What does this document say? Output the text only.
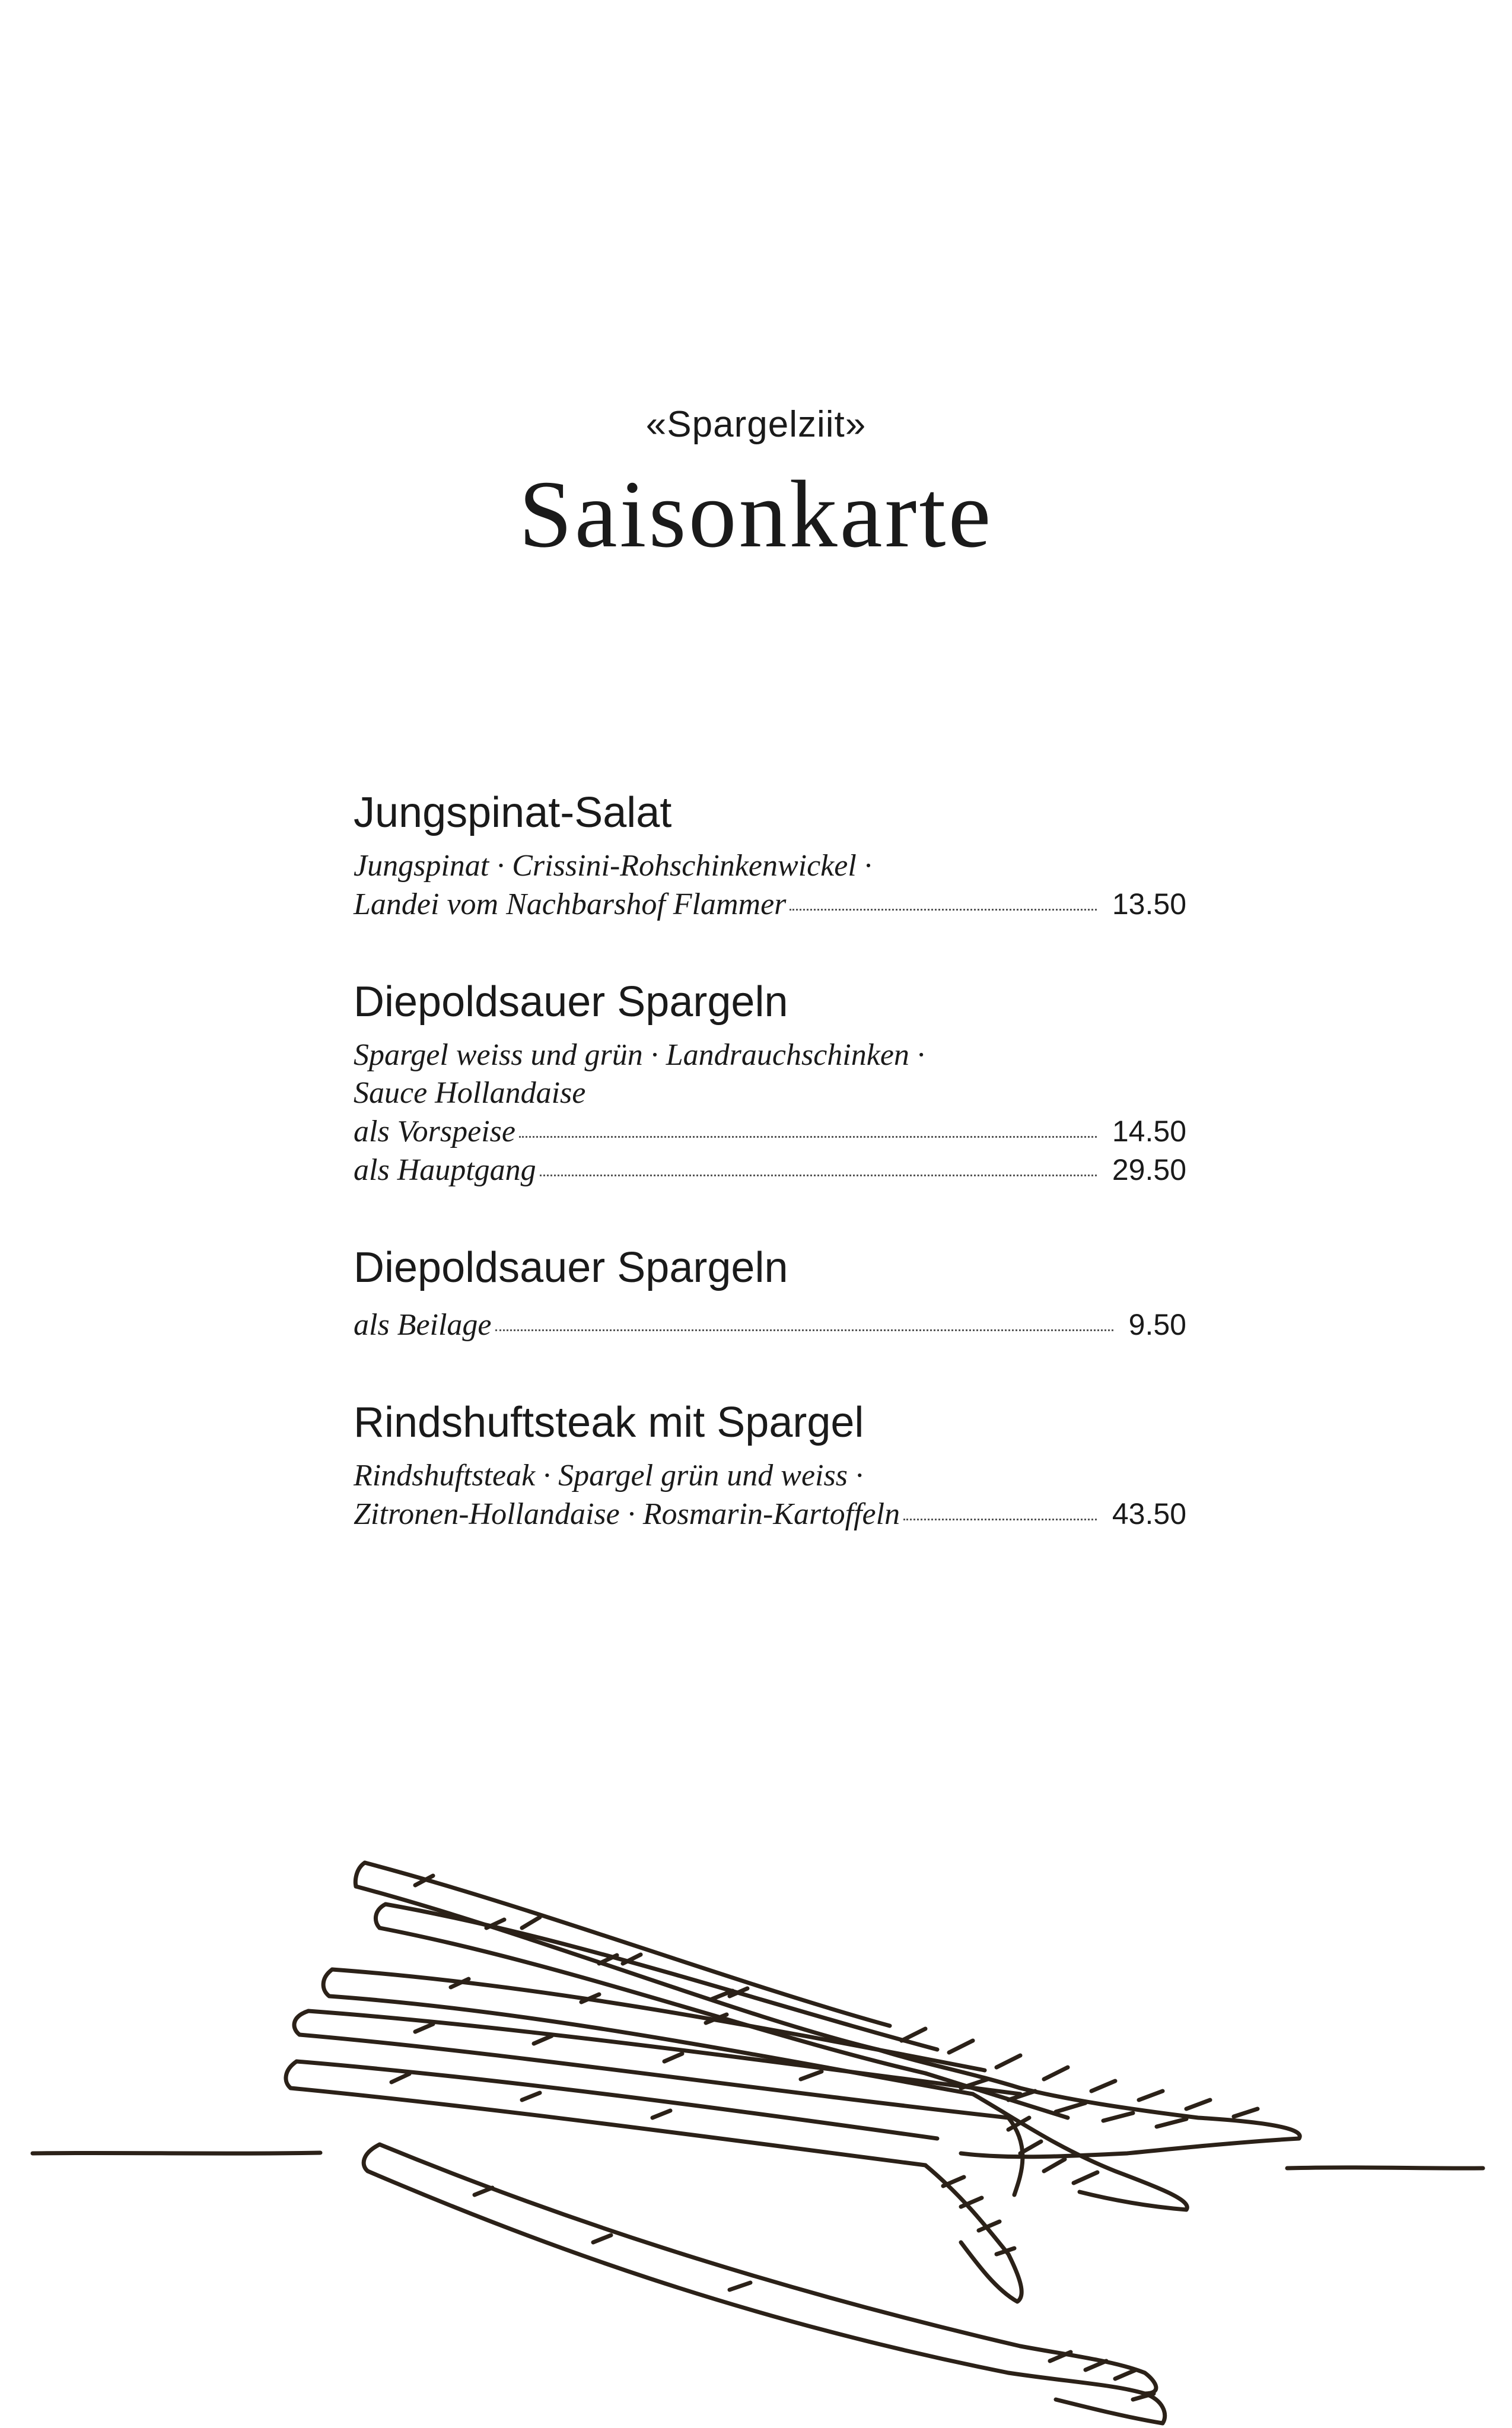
«Spargelziit»
Saisonkarte
Jungspinat-Salat
Jungspinat · Crissini-Rohschinkenwickel ·
Landei vom Nachbarshof Flammer	13.50
Diepoldsauer Spargeln
Spargel weiss und grün · Landrauchschinken ·
Sauce Hollandaise
als Vorspeise	14.50
als Hauptgang	29.50
Diepoldsauer Spargeln
als Beilage	9.50
Rindshuftsteak mit Spargel
Rindshuftsteak · Spargel grün und weiss ·
Zitronen-Hollandaise · Rosmarin-Kartoffeln	43.50
